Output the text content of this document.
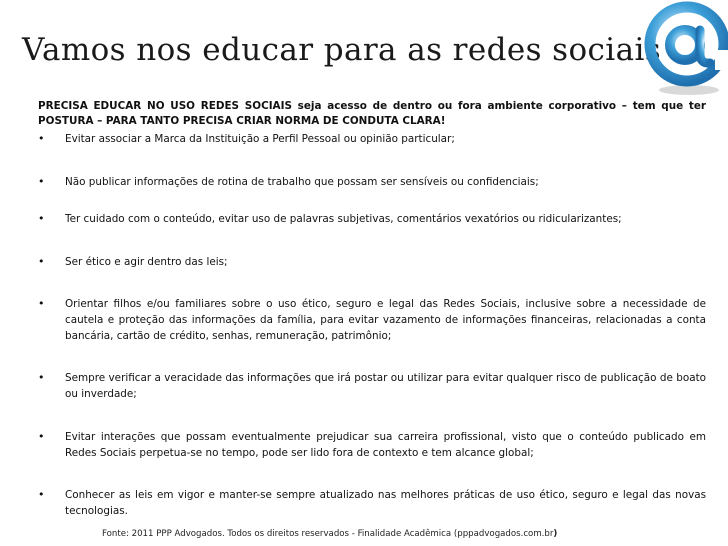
Vamos nos educar para as redes sociais
PRECISA EDUCAR NO USO REDES SOCIAIS seja acesso de dentro ou fora ambiente corporativo – tem que ter POSTURA – PARA TANTO PRECISA CRIAR NORMA DE CONDUTA CLARA!
• Evitar associar a Marca da Instituição a Perfil Pessoal ou opinião particular;
• Não publicar informações de rotina de trabalho que possam ser sensíveis ou confidenciais;
• Ter cuidado com o conteúdo, evitar uso de palavras subjetivas, comentários vexatórios ou ridicularizantes;
• Ser ético e agir dentro das leis;
• Orientar filhos e/ou familiares sobre o uso ético, seguro e legal das Redes Sociais, inclusive sobre a necessidade de cautela e proteção das informações da família, para evitar vazamento de informações financeiras, relacionadas a conta bancária, cartão de crédito, senhas, remuneração, patrimônio;
• Sempre verificar a veracidade das informações que irá postar ou utilizar para evitar qualquer risco de publicação de boato ou inverdade;
• Evitar interações que possam eventualmente prejudicar sua carreira profissional, visto que o conteúdo publicado em Redes Sociais perpetua-se no tempo, pode ser lido fora de contexto e tem alcance global;
• Conhecer as leis em vigor e manter-se sempre atualizado nas melhores práticas de uso ético, seguro e legal das novas tecnologias.
Fonte: 2011 PPP Advogados. Todos os direitos reservados - Finalidade Acadêmica (pppadvogados.com.br)
